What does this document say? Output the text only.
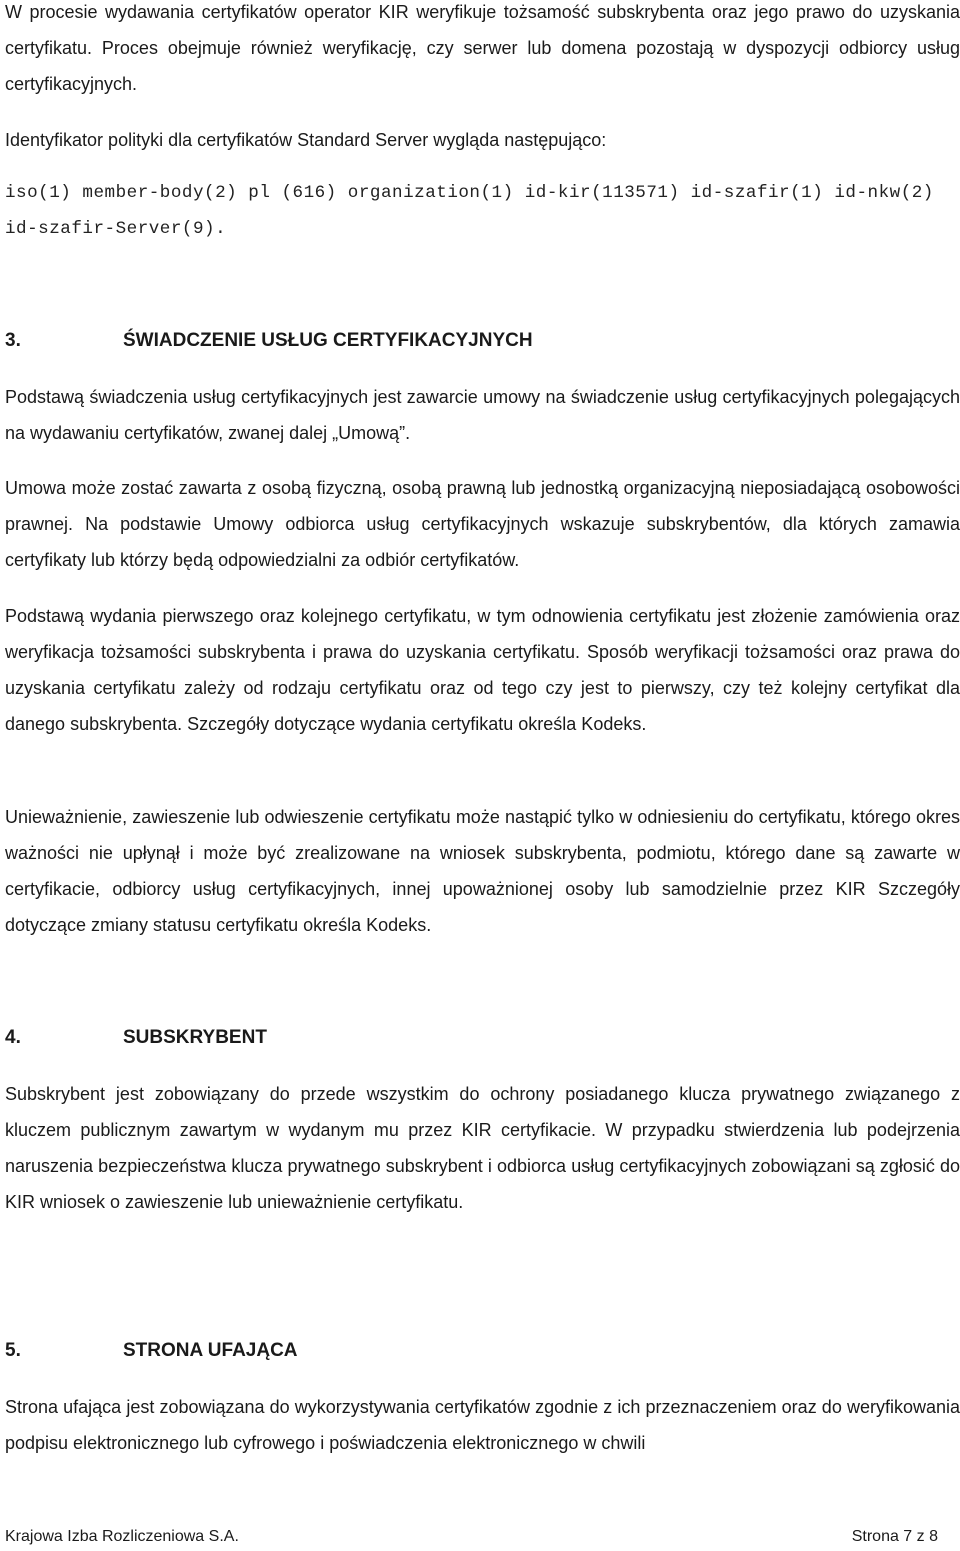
W procesie wydawania certyfikatów operator KIR weryfikuje tożsamość subskrybenta oraz jego prawo do uzyskania certyfikatu. Proces obejmuje również weryfikację, czy serwer lub domena pozostają w dyspozycji odbiorcy usług certyfikacyjnych.

Identyfikator polityki dla certyfikatów Standard Server wygląda następująco:

iso(1) member-body(2) pl (616) organization(1) id-kir(113571) id-szafir(1) id-nkw(2) id-szafir-Server(9).

3.	ŚWIADCZENIE USŁUG CERTYFIKACYJNYCH

Podstawą świadczenia usług certyfikacyjnych jest zawarcie umowy na świadczenie usług certyfikacyjnych polegających na wydawaniu certyfikatów, zwanej dalej „Umową”.

Umowa może zostać zawarta z osobą fizyczną, osobą prawną lub jednostką organizacyjną nieposiadającą osobowości prawnej. Na podstawie Umowy odbiorca usług certyfikacyjnych wskazuje subskrybentów, dla których zamawia certyfikaty lub którzy będą odpowiedzialni za odbiór certyfikatów.

Podstawą wydania pierwszego oraz kolejnego certyfikatu, w tym odnowienia certyfikatu jest złożenie zamówienia oraz weryfikacja tożsamości subskrybenta i prawa do uzyskania certyfikatu. Sposób weryfikacji tożsamości oraz prawa do uzyskania certyfikatu zależy od rodzaju certyfikatu oraz od tego czy jest to pierwszy, czy też kolejny certyfikat dla danego subskrybenta. Szczegóły dotyczące wydania certyfikatu określa Kodeks.

Unieważnienie, zawieszenie lub odwieszenie certyfikatu może nastąpić tylko w odniesieniu do certyfikatu, którego okres ważności nie upłynął i może być zrealizowane na wniosek subskrybenta, podmiotu, którego dane są zawarte w certyfikacie, odbiorcy usług certyfikacyjnych, innej upoważnionej osoby lub samodzielnie przez KIR Szczegóły dotyczące zmiany statusu certyfikatu określa Kodeks.

4.	SUBSKRYBENT

Subskrybent jest zobowiązany do przede wszystkim do ochrony posiadanego klucza prywatnego związanego z kluczem publicznym zawartym w wydanym mu przez KIR certyfikacie. W przypadku stwierdzenia lub podejrzenia naruszenia bezpieczeństwa klucza prywatnego subskrybent i odbiorca usług certyfikacyjnych zobowiązani są zgłosić do KIR wniosek o zawieszenie lub unieważnienie certyfikatu.

5.	STRONA UFAJĄCA

Strona ufająca jest zobowiązana do wykorzystywania certyfikatów zgodnie z ich przeznaczeniem oraz do weryfikowania podpisu elektronicznego lub cyfrowego i poświadczenia elektronicznego w chwili

Krajowa Izba Rozliczeniowa S.A.	Strona 7 z 8
